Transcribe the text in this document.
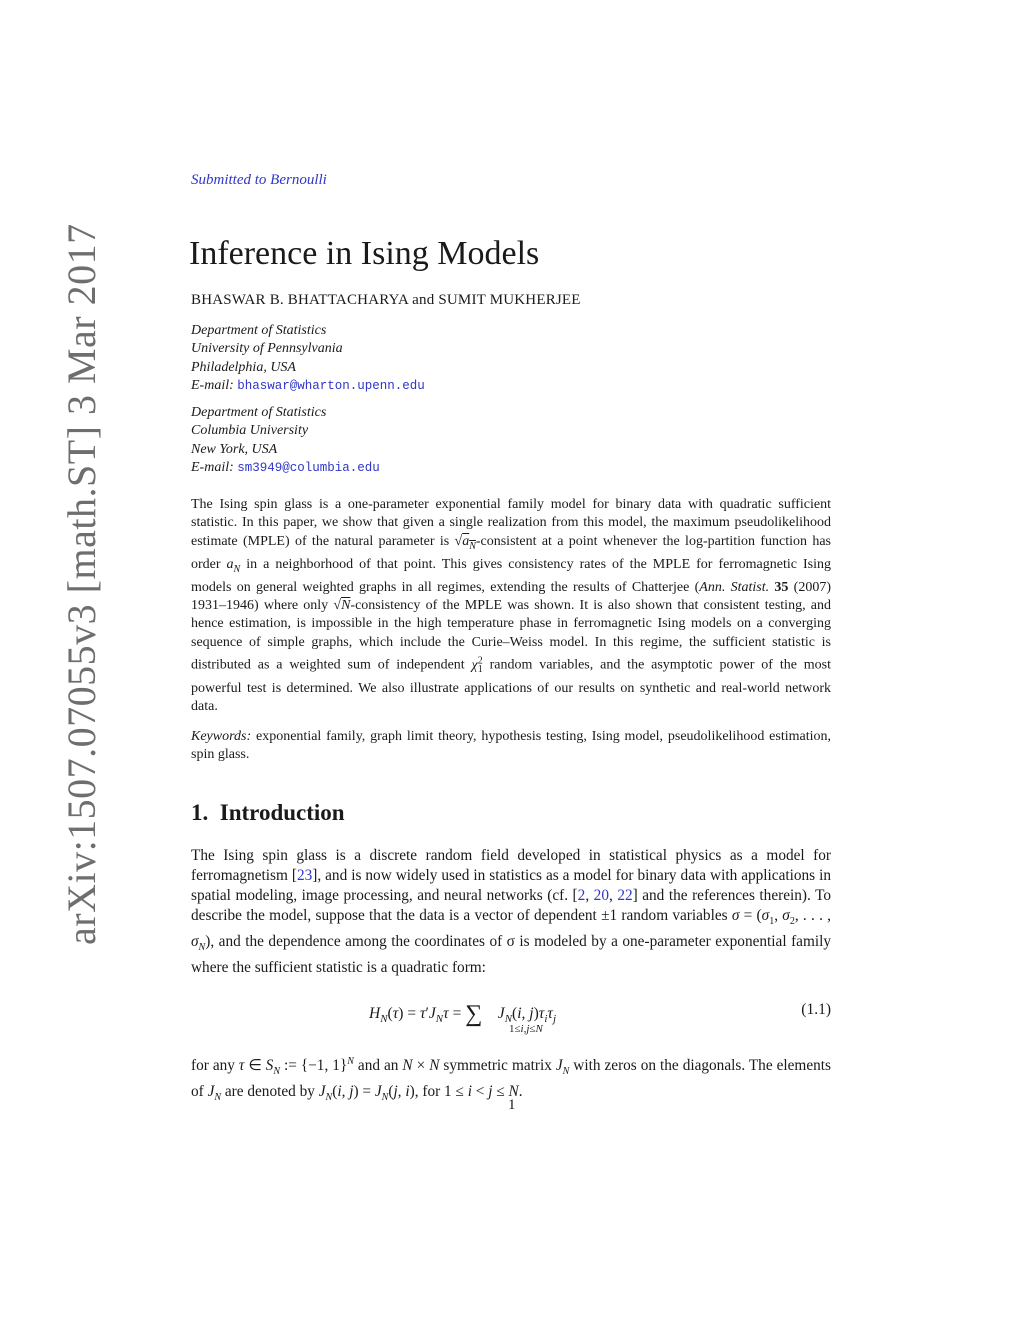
arXiv:1507.07055v3 [math.ST] 3 Mar 2017
Submitted to Bernoulli
Inference in Ising Models
BHASWAR B. BHATTACHARYA and SUMIT MUKHERJEE
Department of Statistics
University of Pennsylvania
Philadelphia, USA
E-mail: bhaswar@wharton.upenn.edu
Department of Statistics
Columbia University
New York, USA
E-mail: sm3949@columbia.edu

The Ising spin glass is a one-parameter exponential family model for binary data with quadratic sufficient statistic. In this paper, we show that given a single realization from this model, the maximum pseudolikelihood estimate (MPLE) of the natural parameter is $√a_N$-consistent at a point whenever the log-partition function has order $a_N$ in a neighborhood of that point. This gives consistency rates of the MPLE for ferromagnetic Ising models on general weighted graphs in all regimes, extending the results of Chatterjee (Ann. Statist. 35 (2007) 1931–1946) where only √N-consistency of the MPLE was shown. It is also shown that consistent testing, and hence estimation, is impossible in the high temperature phase in ferromagnetic Ising models on a converging sequence of simple graphs, which include the Curie–Weiss model. In this regime, the sufficient statistic is distributed as a weighted sum of independent $\chi^2_1$ random variables, and the asymptotic power of the most powerful test is determined. We also illustrate applications of our results on synthetic and real-world network data.

Keywords: exponential family, graph limit theory, hypothesis testing, Ising model, pseudolikelihood estimation, spin glass.

1. Introduction

The Ising spin glass is a discrete random field developed in statistical physics as a model for ferromagnetism [23], and is now widely used in statistics as a model for binary data with applications in spatial modeling, image processing, and neural networks (cf. [2, 20, 22] and the references therein). To describe the model, suppose that the data is a vector of dependent ±1 random variables $\sigma = (\sigma_1$, $\sigma_2$, . . . , $\sigma_N$), and the dependence among the coordinates of σ is modeled by a one-parameter exponential family where the sufficient statistic is a quadratic form:

$H_N(\tau) = \tau'J_N\tau$ = ∑ $J_N(i$, $j)\tau_i\tau_j$
1≤i,j≤N
(1.1)

for any τ ∈ $S_N$ := {−1, 1}$^N$ and an N × N symmetric matrix $J_N$ with zeros on the diagonals. The elements of $J_N$ are denoted by $J_N(i$, $j) = J_N(j$, i), for 1 ≤ i < j ≤ N.

1
